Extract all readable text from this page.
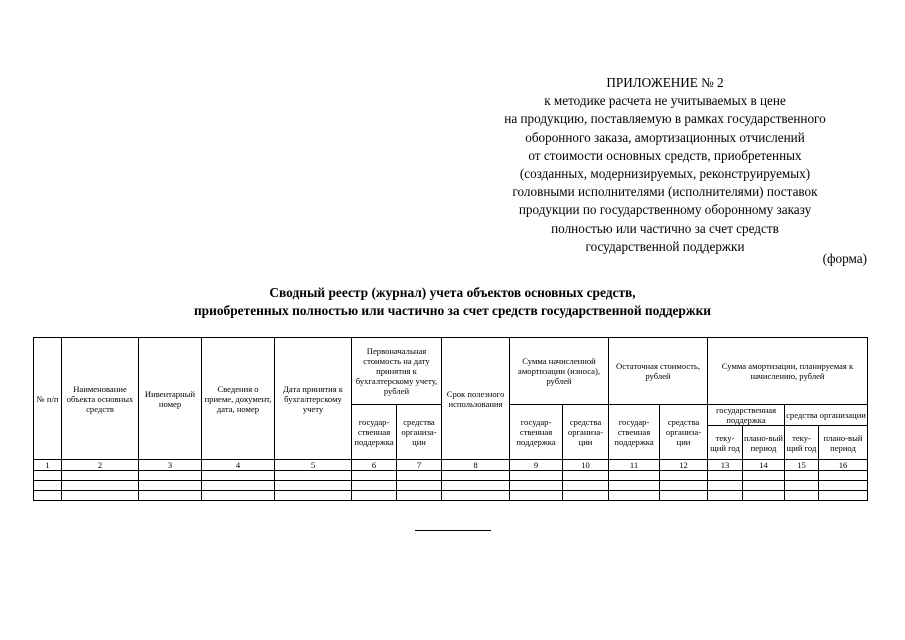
ПРИЛОЖЕНИЕ № 2
к методике расчета не учитываемых в цене
на продукцию, поставляемую в рамках государственного
оборонного заказа, амортизационных отчислений
от стоимости основных средств, приобретенных
(созданных, модернизируемых, реконструируемых)
головными исполнителями (исполнителями) поставок
продукции по государственному оборонному заказу
полностью или частично за счет средств
государственной поддержки
(форма)
Сводный реестр (журнал) учета объектов основных средств,
приобретенных полностью или частично за счет средств государственной поддержки
№ п/п	Наименование объекта основных средств	Инвентарный номер	Сведения о приеме, документ, дата, номер	Дата принятия к бухгалтерскому учету	Первоначальная стоимость на дату принятия к бухгалтерскому учету, рублей		Срок полезного использования	Сумма начисленной амортизации (износа), рублей		Остаточная стоимость, рублей		Сумма амортизации, планируемая к начислению, рублей			
					государ-ственная поддержка	средства организа-ции		государ-ственная поддержка	средства организа-ции	государ-ственная поддержка	средства организа-ции	государственная поддержка		средства организации	
												теку-щий год	плано-вый период	теку-щий год	плано-вый период
1	2	3	4	5	6	7	8	9	10	11	12	13	14	15	16
